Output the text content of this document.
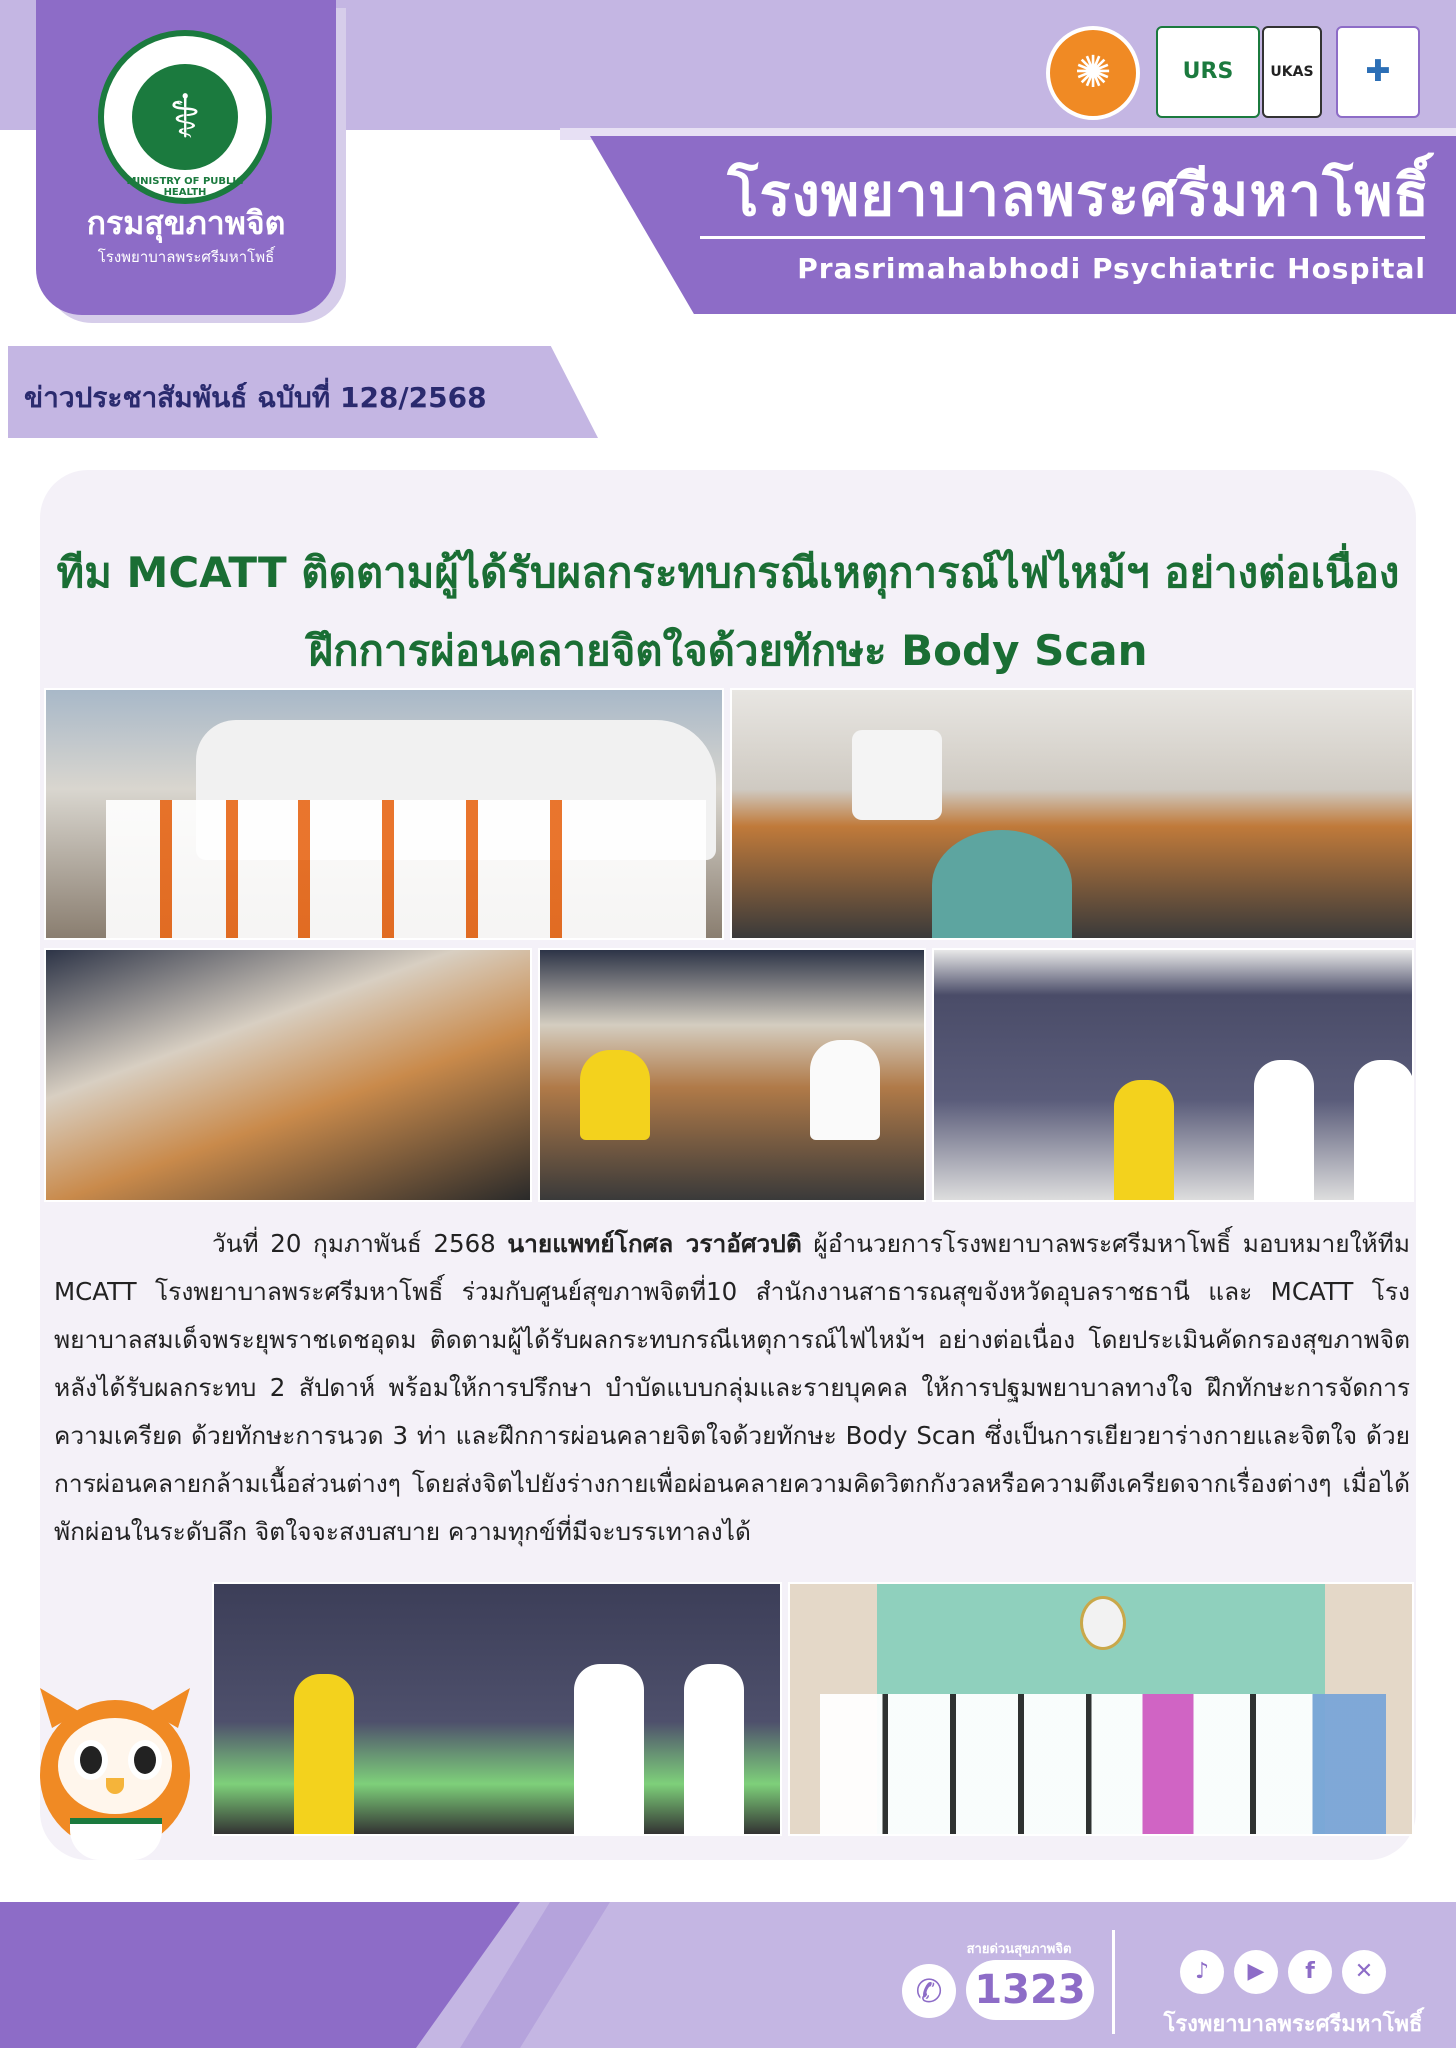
⚕
MINISTRY OF PUBLIC HEALTH
กรมสุขภาพจิต
โรงพยาบาลพระศรีมหาโพธิ์
✺	URS	UKAS	✚
โรงพยาบาลพระศรีมหาโพธิ์
Prasrimahabhodi Psychiatric Hospital
ข่าวประชาสัมพันธ์ ฉบับที่ 128/2568
ทีม MCATT ติดตามผู้ได้รับผลกระทบกรณีเหตุการณ์ไฟไหม้ฯ อย่างต่อเนื่อง
ฝึกการผ่อนคลายจิตใจด้วยทักษะ Body Scan
วันที่ 20 กุมภาพันธ์ 2568 นายแพทย์โกศล วราอัศวปติ ผู้อำนวยการโรงพยาบาลพระศรีมหาโพธิ์ มอบหมายให้ทีม MCATT โรงพยาบาลพระศรีมหาโพธิ์ ร่วมกับศูนย์สุขภาพจิตที่10 สำนักงานสาธารณสุขจังหวัดอุบลราชธานี และ MCATT โรงพยาบาลสมเด็จพระยุพราชเดชอุดม ติดตามผู้ได้รับผลกระทบกรณีเหตุการณ์ไฟไหม้ฯ อย่างต่อเนื่อง โดยประเมินคัดกรองสุขภาพจิตหลังได้รับผลกระทบ 2 สัปดาห์ พร้อมให้การปรึกษา บำบัดแบบกลุ่มและรายบุคคล ให้การปฐมพยาบาลทางใจ ฝึกทักษะการจัดการความเครียด ด้วยทักษะการนวด 3 ท่า และฝึกการผ่อนคลายจิตใจด้วยทักษะ Body Scan ซึ่งเป็นการเยียวยาร่างกายและจิตใจ ด้วยการผ่อนคลายกล้ามเนื้อส่วนต่างๆ โดยส่งจิตไปยังร่างกายเพื่อผ่อนคลายความคิดวิตกกังวลหรือความตึงเครียดจากเรื่องต่างๆ เมื่อได้พักผ่อนในระดับลึก จิตใจจะสงบสบาย ความทุกข์ที่มีจะบรรเทาลงได้
สายด่วนสุขภาพจิต
✆ 1323	♪	▶	f	✕
โรงพยาบาลพระศรีมหาโพธิ์
